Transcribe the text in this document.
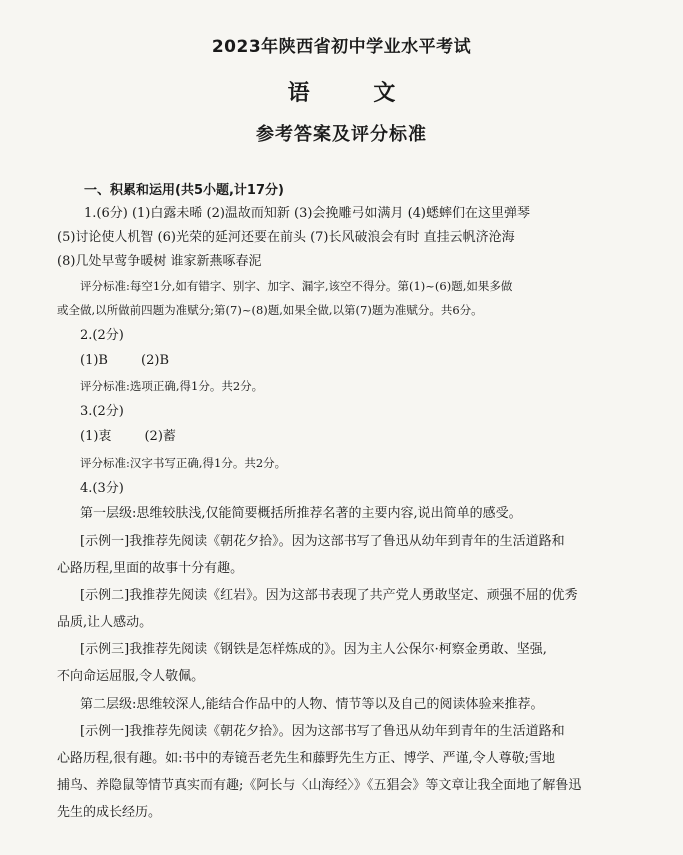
2023年陕西省初中学业水平考试
语 文
参考答案及评分标准
一、积累和运用(共5小题,计17分)
1.(6分) (1)白露未晞 (2)温故而知新 (3)会挽雕弓如满月 (4)蟋蟀们在这里弹琴
(5)讨论使人机智 (6)光荣的延河还要在前头 (7)长风破浪会有时 直挂云帆济沧海
(8)几处早莺争暖树 谁家新燕啄春泥
评分标准:每空1分,如有错字、别字、加字、漏字,该空不得分。第(1)~(6)题,如果多做
或全做,以所做前四题为准赋分;第(7)~(8)题,如果全做,以第(7)题为准赋分。共6分。
2.(2分)
(1)B        (2)B
评分标准:选项正确,得1分。共2分。
3.(2分)
(1)衷        (2)蓄
评分标准:汉字书写正确,得1分。共2分。
4.(3分)
第一层级:思维较肤浅,仅能简要概括所推荐名著的主要内容,说出简单的感受。
[示例一]我推荐先阅读《朝花夕拾》。因为这部书写了鲁迅从幼年到青年的生活道路和
心路历程,里面的故事十分有趣。
[示例二]我推荐先阅读《红岩》。因为这部书表现了共产党人勇敢坚定、顽强不屈的优秀
品质,让人感动。
[示例三]我推荐先阅读《钢铁是怎样炼成的》。因为主人公保尔·柯察金勇敢、坚强,
不向命运屈服,令人敬佩。
第二层级:思维较深人,能结合作品中的人物、情节等以及自己的阅读体验来推荐。
[示例一]我推荐先阅读《朝花夕拾》。因为这部书写了鲁迅从幼年到青年的生活道路和
心路历程,很有趣。如:书中的寿镜吾老先生和藤野先生方正、博学、严谨,令人尊敬;雪地
捕鸟、养隐鼠等情节真实而有趣;《阿长与〈山海经〉》《五猖会》等文章让我全面地了解鲁迅
先生的成长经历。
